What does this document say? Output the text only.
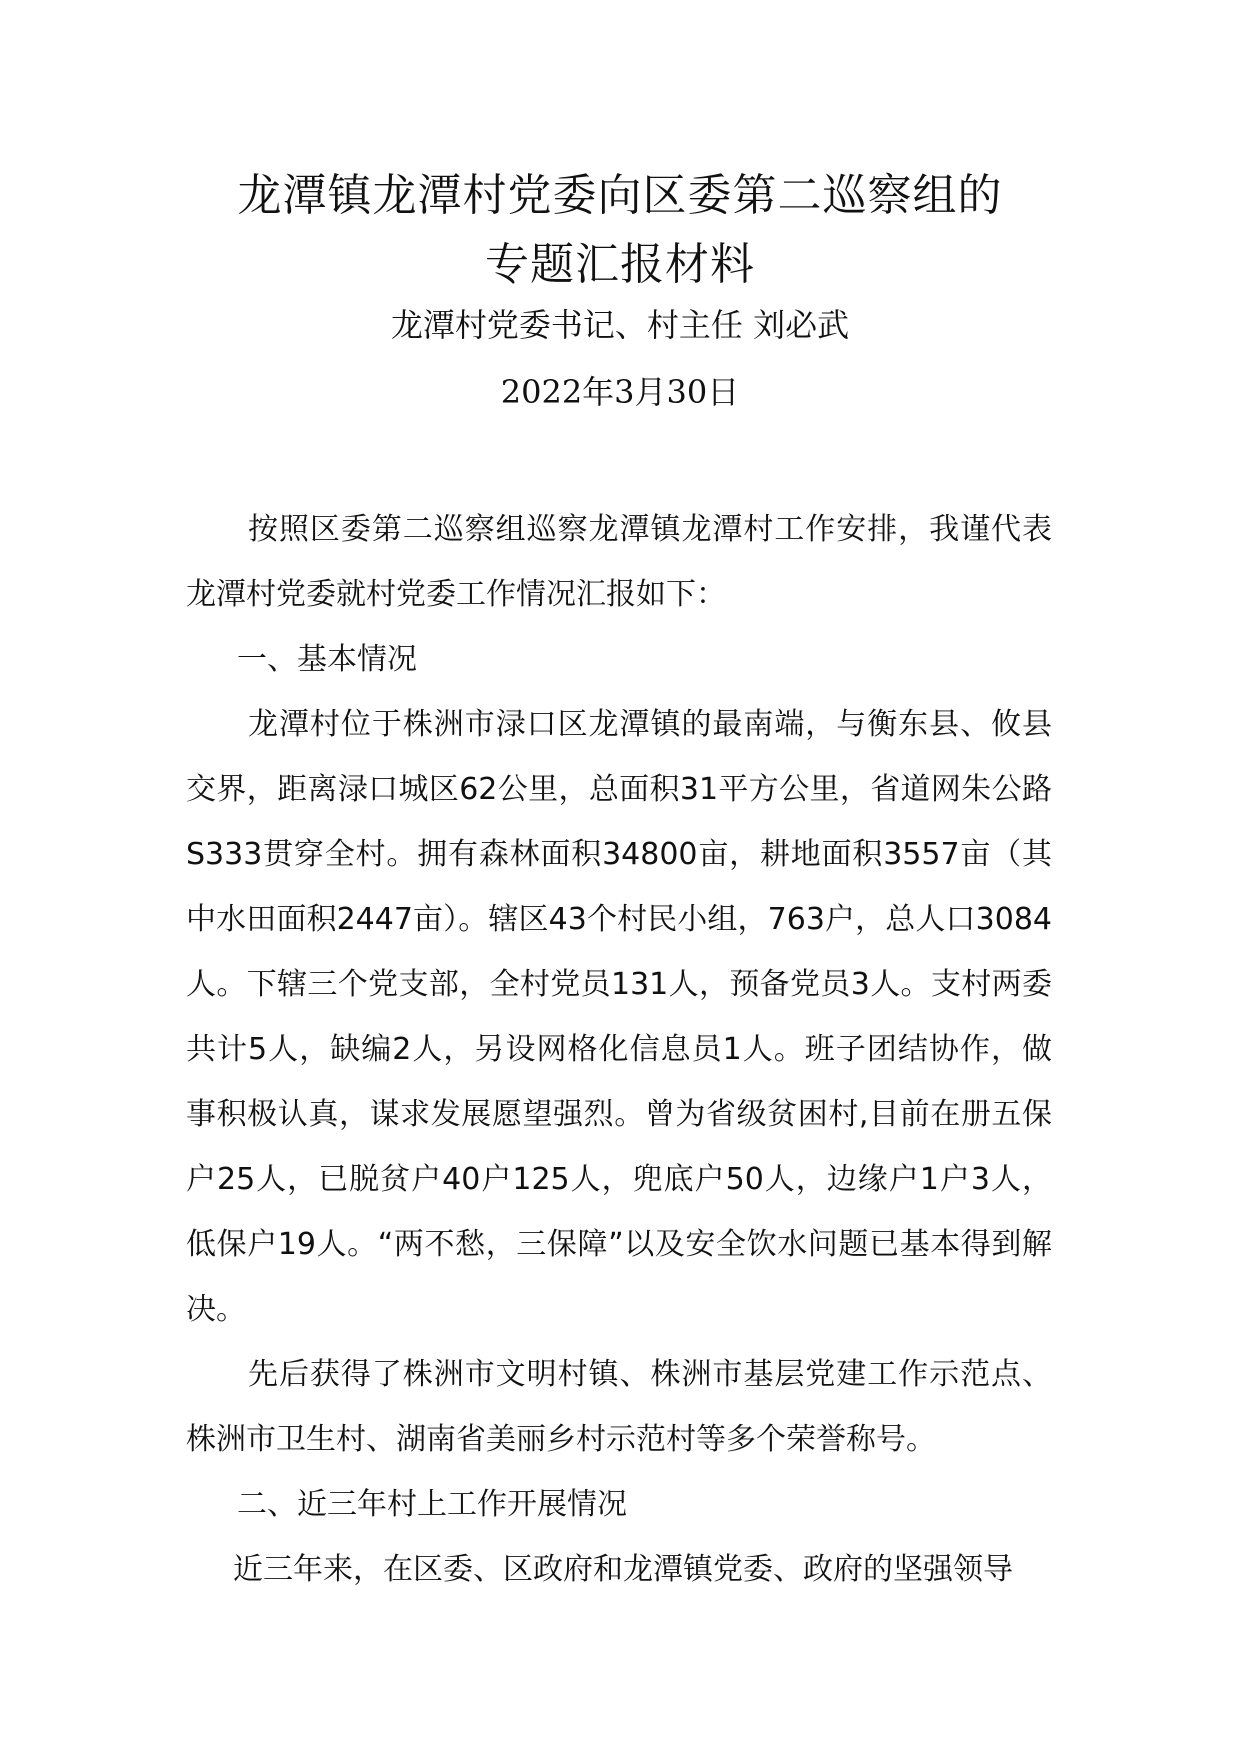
龙潭镇龙潭村党委向区委第二巡察组的
专题汇报材料
龙潭村党委书记、村主任 刘必武
2022年3月30日

按照区委第二巡察组巡察龙潭镇龙潭村工作安排，我谨代表龙潭村党委就村党委工作情况汇报如下：

一、基本情况

龙潭村位于株洲市渌口区龙潭镇的最南端，与衡东县、攸县交界，距离渌口城区62公里，总面积31平方公里，省道网朱公路S333贯穿全村。拥有森林面积34800亩，耕地面积3557亩（其中水田面积2447亩）。辖区43个村民小组，763户，总人口3084人。下辖三个党支部，全村党员131人，预备党员3人。支村两委共计5人，缺编2人，另设网格化信息员1人。班子团结协作，做事积极认真，谋求发展愿望强烈。曾为省级贫困村,目前在册五保户25人，已脱贫户40户125人，兜底户50人，边缘户1户3人，低保户19人。“两不愁，三保障”以及安全饮水问题已基本得到解决。

先后获得了株洲市文明村镇、株洲市基层党建工作示范点、株洲市卫生村、湖南省美丽乡村示范村等多个荣誉称号。

二、近三年村上工作开展情况

近三年来，在区委、区政府和龙潭镇党委、政府的坚强领导
